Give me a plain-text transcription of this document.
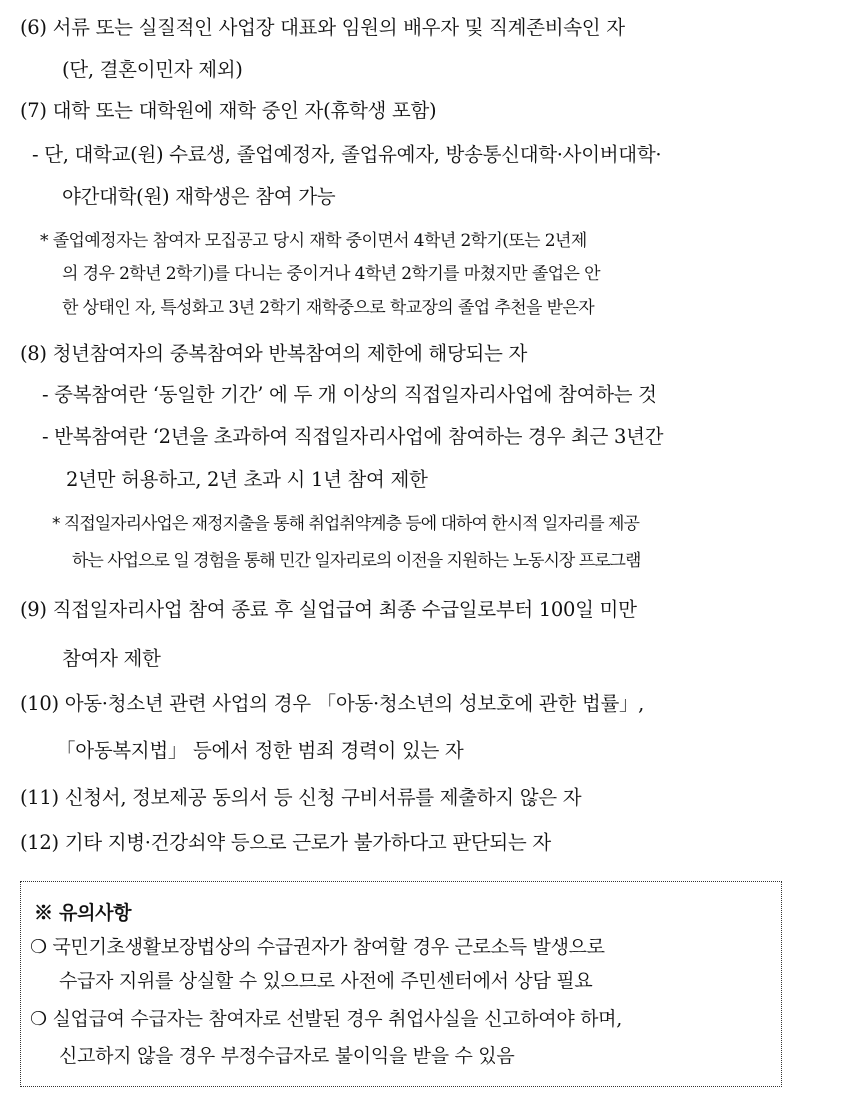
(6) 서류 또는 실질적인 사업장 대표와 임원의 배우자 및 직계존비속인 자
(단, 결혼이민자 제외)
(7) 대학 또는 대학원에 재학 중인 자(휴학생 포함)
- 단, 대학교(원) 수료생, 졸업예정자, 졸업유예자, 방송통신대학·사이버대학·
야간대학(원) 재학생은 참여 가능
* 졸업예정자는 참여자 모집공고 당시 재학 중이면서 4학년 2학기(또는 2년제
의 경우 2학년 2학기)를 다니는 중이거나 4학년 2학기를 마쳤지만 졸업은 안
한 상태인 자, 특성화고 3년 2학기 재학중으로 학교장의 졸업 추천을 받은자
(8) 청년참여자의 중복참여와 반복참여의 제한에 해당되는 자
- 중복참여란 ‘동일한 기간’ 에 두 개 이상의 직접일자리사업에 참여하는 것
- 반복참여란 ‘2년을 초과하여 직접일자리사업에 참여하는 경우 최근 3년간
2년만 허용하고, 2년 초과 시 1년 참여 제한
* 직접일자리사업은 재정지출을 통해 취업취약계층 등에 대하여 한시적 일자리를 제공
하는 사업으로 일 경험을 통해 민간 일자리로의 이전을 지원하는 노동시장 프로그램
(9) 직접일자리사업 참여 종료 후 실업급여 최종 수급일로부터 100일 미만
참여자 제한
(10) 아동·청소년 관련 사업의 경우 「아동·청소년의 성보호에 관한 법률」,
「아동복지법」 등에서 정한 범죄 경력이 있는 자
(11) 신청서, 정보제공 동의서 등 신청 구비서류를 제출하지 않은 자
(12) 기타 지병·건강쇠약 등으로 근로가 불가하다고 판단되는 자
※ 유의사항
❍ 국민기초생활보장법상의 수급권자가 참여할 경우 근로소득 발생으로
수급자 지위를 상실할 수 있으므로 사전에 주민센터에서 상담 필요
❍ 실업급여 수급자는 참여자로 선발된 경우 취업사실을 신고하여야 하며,
신고하지 않을 경우 부정수급자로 불이익을 받을 수 있음
